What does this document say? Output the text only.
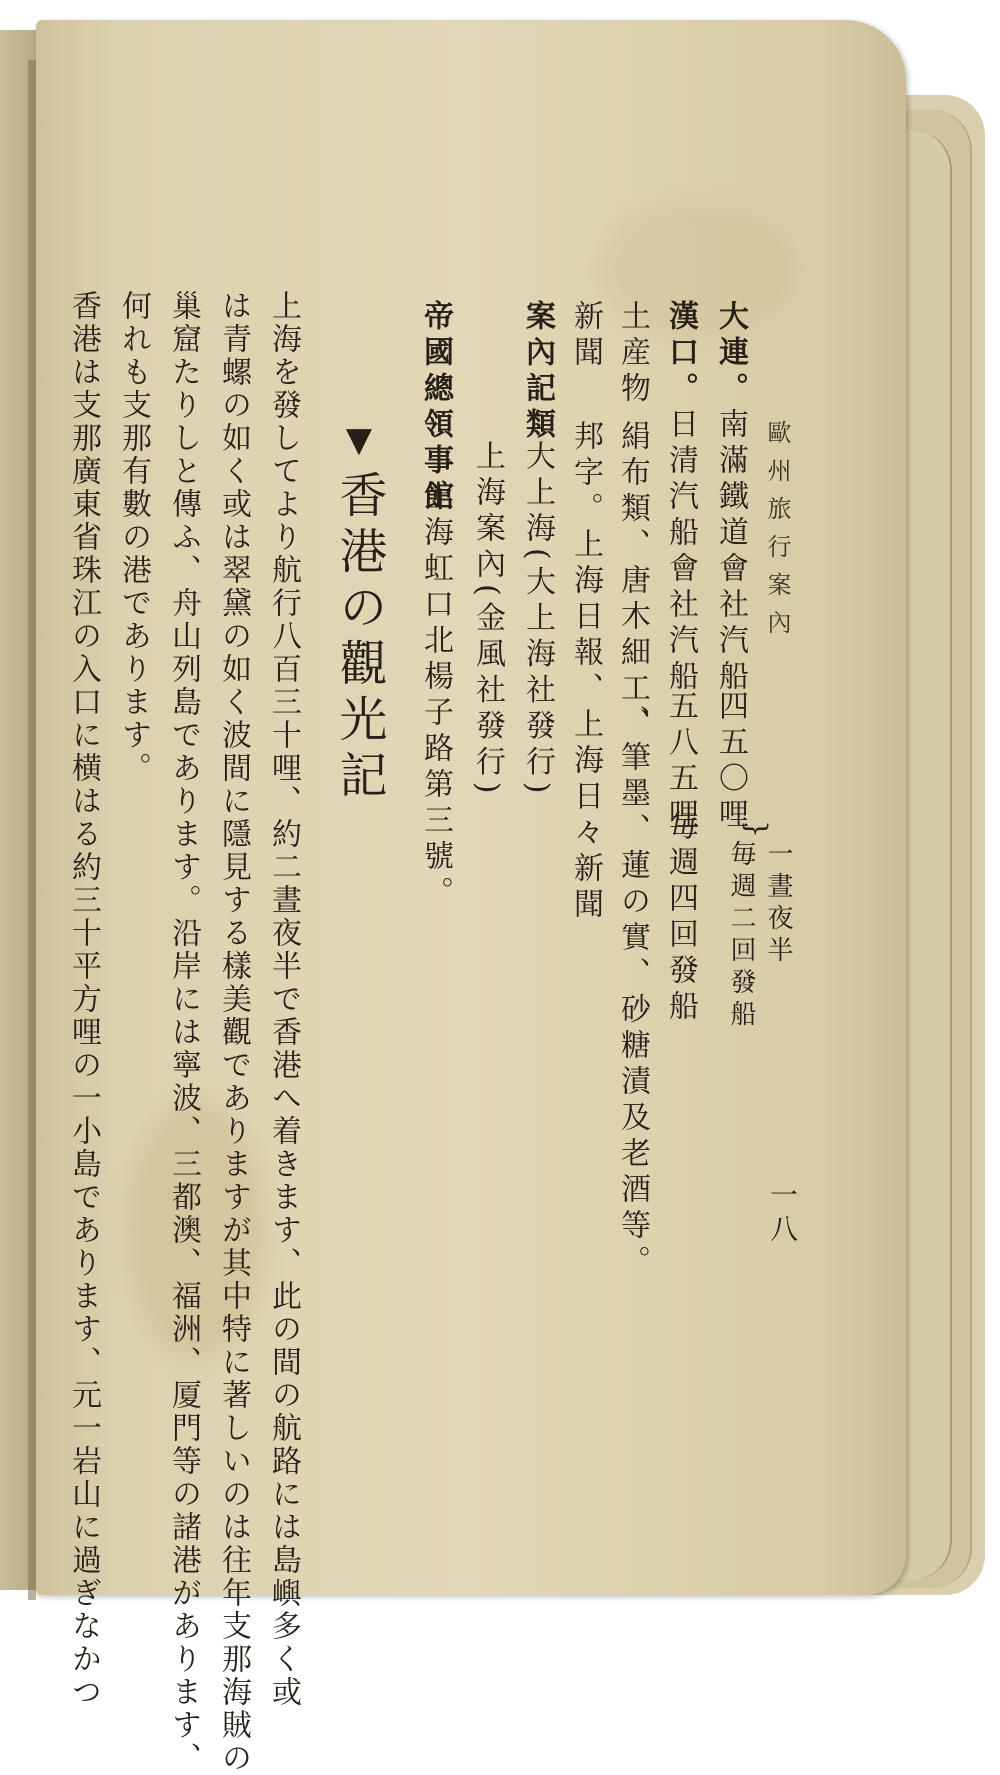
歐州旅行案內
大連。南滿鐵道會社汽船
四五〇哩
}
一晝夜半
毎週二回發船
漢口。日清汽船會社汽船
五八五哩
毎週四回發船
土産物
絹布類、唐木細工、
、筆墨、蓮の實、砂糖漬及老酒等。
新聞
邦字。上海日報、上海日々新聞
案內記類
大上海(大上海社發行)
上海案內(金風社發行)
帝國總領事館
上海虹口北楊子路第三號。
▼香港の觀光記
上海を發してより航行八百三十哩、約二晝夜半で香港へ着きます、此の間の航路には島嶼多く或
は青螺の如く或は翠黛の如く波間に隱見する樣美觀でありますが其中特に著しいのは往年支那海賊の
巢窟たりしと傳ふ、舟山列島であります。沿岸には寧波、三都澳、福洲、厦門等の諸港があります、
何れも支那有數の港であります。
香港は支那廣東省珠江の入口に横はる約三十平方哩の一小島であります、元一岩山に過ぎなかつ	一八
